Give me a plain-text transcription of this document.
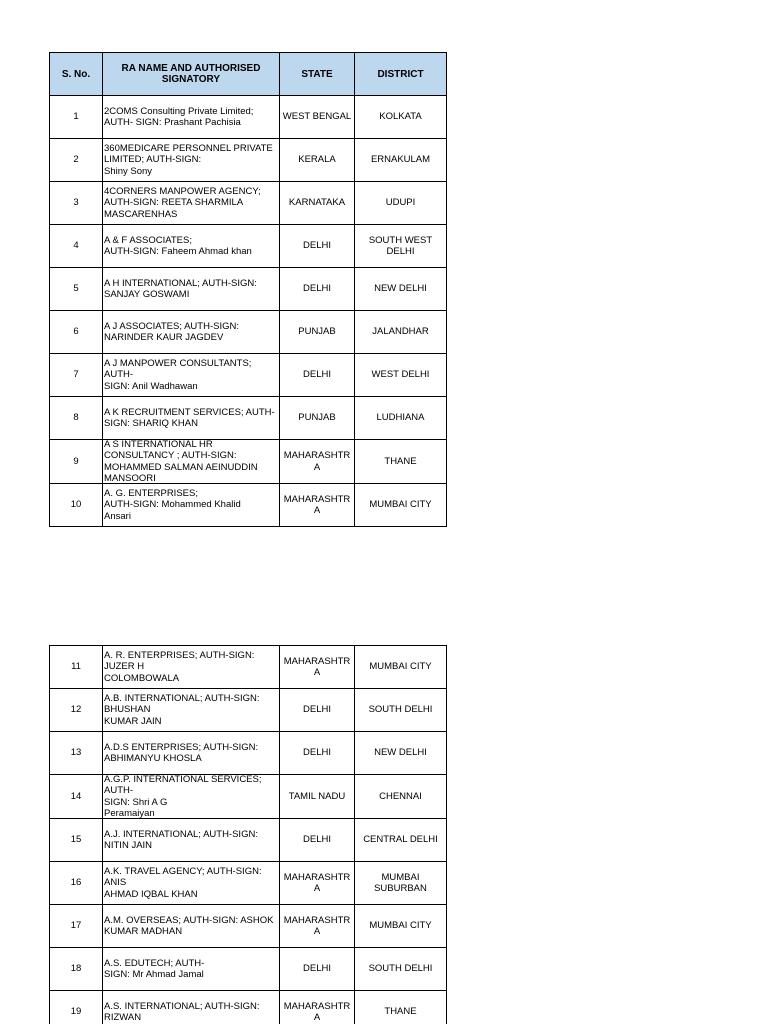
S. No.	RA NAME AND AUTHORISED SIGNATORY	STATE	DISTRICT

1	2COMS Consulting Private Limited;
AUTH- SIGN: Prashant Pachisia	WEST BENGAL	KOLKATA

2	360MEDICARE PERSONNEL PRIVATE
LIMITED; AUTH-SIGN:
Shiny Sony	KERALA	ERNAKULAM

3	4CORNERS MANPOWER AGENCY;
AUTH-SIGN: REETA SHARMILA
MASCARENHAS	KARNATAKA	UDUPI

4	A & F ASSOCIATES;
AUTH-SIGN: Faheem Ahmad khan	DELHI	SOUTH WEST
DELHI

5	A H INTERNATIONAL; AUTH-SIGN:
SANJAY GOSWAMI	DELHI	NEW DELHI

6	A J ASSOCIATES; AUTH-SIGN:
NARINDER KAUR JAGDEV	PUNJAB	JALANDHAR

7	A J MANPOWER CONSULTANTS;
AUTH-
SIGN: Anil Wadhawan	DELHI	WEST DELHI

8	A K RECRUITMENT SERVICES; AUTH-
SIGN: SHARIQ KHAN	PUNJAB	LUDHIANA

9	A S INTERNATIONAL HR
CONSULTANCY ; AUTH-SIGN:
MOHAMMED SALMAN AEINUDDIN
MANSOORI	MAHARASHTR
A	THANE

10	A. G. ENTERPRISES;
AUTH-SIGN: Mohammed Khalid
Ansari	MAHARASHTR
A	MUMBAI CITY
11	A. R. ENTERPRISES; AUTH-SIGN:
JUZER H
COLOMBOWALA	MAHARASHTR
A	MUMBAI CITY

12	A.B. INTERNATIONAL; AUTH-SIGN:
BHUSHAN
KUMAR JAIN	DELHI	SOUTH DELHI

13	A.D.S ENTERPRISES; AUTH-SIGN:
ABHIMANYU KHOSLA	DELHI	NEW DELHI

14	A.G.P. INTERNATIONAL SERVICES;
AUTH-
SIGN: Shri A G
Peramaiyan	TAMIL NADU	CHENNAI

15	A.J. INTERNATIONAL; AUTH-SIGN:
NITIN JAIN	DELHI	CENTRAL DELHI

16	A.K. TRAVEL AGENCY; AUTH-SIGN:
ANIS
AHMAD IQBAL KHAN	MAHARASHTR
A	MUMBAI
SUBURBAN

17	A.M. OVERSEAS; AUTH-SIGN: ASHOK
KUMAR MADHAN	MAHARASHTR
A	MUMBAI CITY

18	A.S. EDUTECH; AUTH-
SIGN: Mr Ahmad Jamal	DELHI	SOUTH DELHI

19	A.S. INTERNATIONAL; AUTH-SIGN:
RIZWAN	MAHARASHTR
A	THANE
